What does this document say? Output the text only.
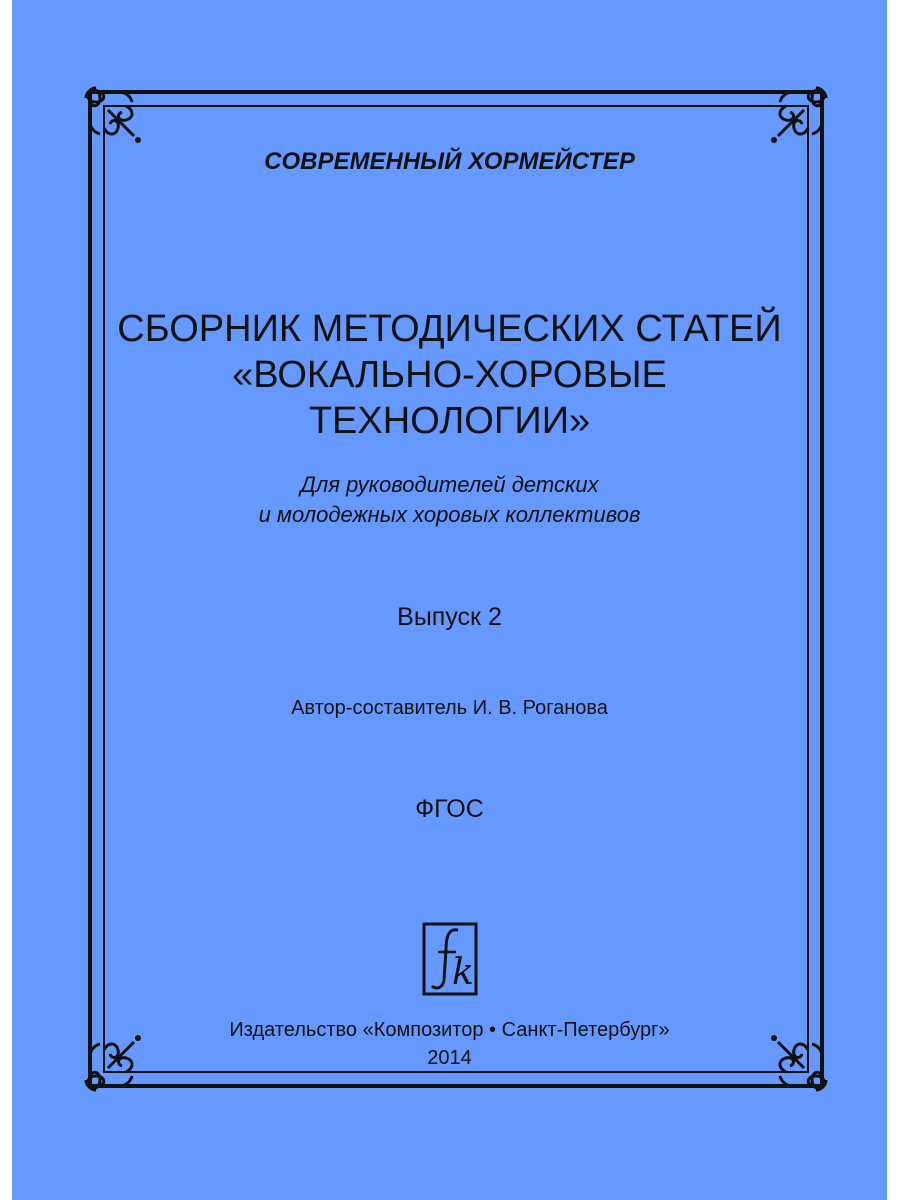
СОВРЕМЕННЫЙ ХОРМЕЙСТЕР
СБОРНИК МЕТОДИЧЕСКИХ СТАТЕЙ
«ВОКАЛЬНО-ХОРОВЫЕ
ТЕХНОЛОГИИ»
Для руководителей детских
и молодежных хоровых коллективов
Выпуск 2
Автор-составитель И. В. Роганова
ФГОС
k
Издательство «Композитор • Санкт-Петербург»
2014
